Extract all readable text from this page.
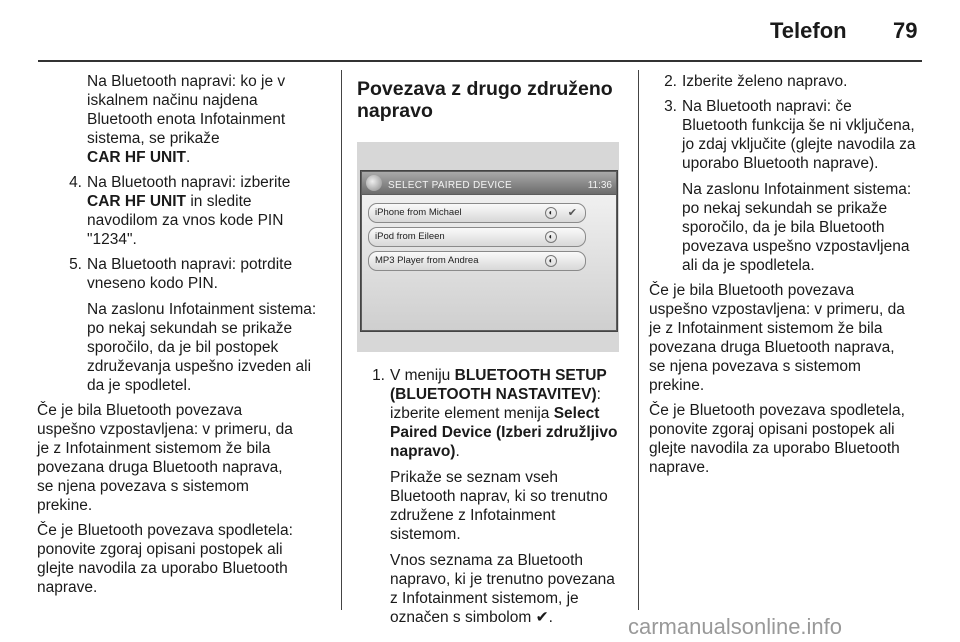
Telefon 79
Na Bluetooth napravi: ko je v
iskalnem načinu najdena
Bluetooth enota Infotainment
sistema, se prikaže
CAR HF UNIT.
4. Na Bluetooth napravi: izberite
CAR HF UNIT in sledite
navodilom za vnos kode PIN
"1234".
5. Na Bluetooth napravi: potrdite
vneseno kodo PIN.
Na zaslonu Infotainment sistema:
po nekaj sekundah se prikaže
sporočilo, da je bil postopek
združevanja uspešno izveden ali
da je spodletel.

Če je bila Bluetooth povezava
uspešno vzpostavljena: v primeru, da
je z Infotainment sistemom že bila
povezana druga Bluetooth naprava,
se njena povezava s sistemom
prekine.

Če je Bluetooth povezava spodletela:
ponovite zgoraj opisani postopek ali
glejte navodila za uporabo Bluetooth
naprave.

Povezava z drugo združeno
napravo
SELECT PAIRED DEVICE	11:36
iPhone from Michael	◐	✔
iPod from Eileen	◐
MP3 Player from Andrea	◐
1. V meniju BLUETOOTH SETUP
(BLUETOOTH NASTAVITEV):
izberite element menija Select
Paired Device (Izberi združljivo
napravo).
Prikaže se seznam vseh
Bluetooth naprav, ki so trenutno
združene z Infotainment
sistemom.
Vnos seznama za Bluetooth
napravo, ki je trenutno povezana
z Infotainment sistemom, je
označen s simbolom ✔.
2. Izberite želeno napravo.
3. Na Bluetooth napravi: če
Bluetooth funkcija še ni vključena,
jo zdaj vključite (glejte navodila za
uporabo Bluetooth naprave).
Na zaslonu Infotainment sistema:
po nekaj sekundah se prikaže
sporočilo, da je bila Bluetooth
povezava uspešno vzpostavljena
ali da je spodletela.

Če je bila Bluetooth povezava
uspešno vzpostavljena: v primeru, da
je z Infotainment sistemom že bila
povezana druga Bluetooth naprava,
se njena povezava s sistemom
prekine.

Če je Bluetooth povezava spodletela,
ponovite zgoraj opisani postopek ali
glejte navodila za uporabo Bluetooth
naprave.

carmanualsonline.info
